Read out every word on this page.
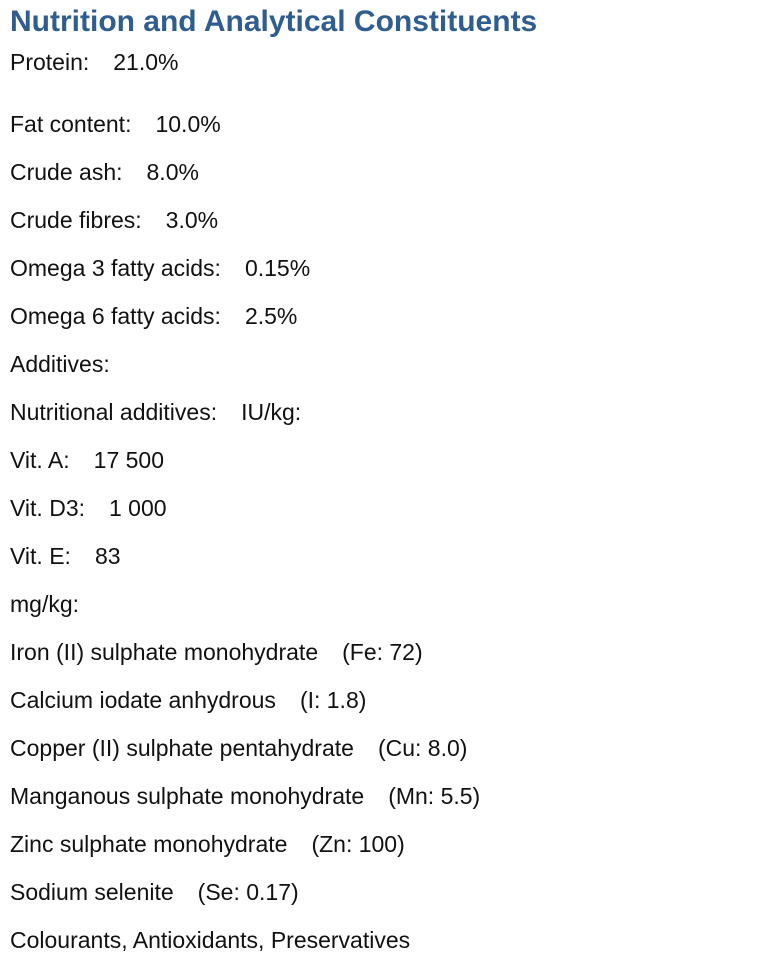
Nutrition and Analytical Constituents
Protein: 21.0%
Fat content: 10.0%
Crude ash: 8.0%
Crude fibres: 3.0%
Omega 3 fatty acids: 0.15%
Omega 6 fatty acids: 2.5%
Additives:
Nutritional additives: IU/kg:
Vit. A: 17 500
Vit. D3: 1 000
Vit. E: 83
mg/kg:
Iron (II) sulphate monohydrate (Fe: 72)
Calcium iodate anhydrous (I: 1.8)
Copper (II) sulphate pentahydrate (Cu: 8.0)
Manganous sulphate monohydrate (Mn: 5.5)
Zinc sulphate monohydrate (Zn: 100)
Sodium selenite (Se: 0.17)
Colourants, Antioxidants, Preservatives
